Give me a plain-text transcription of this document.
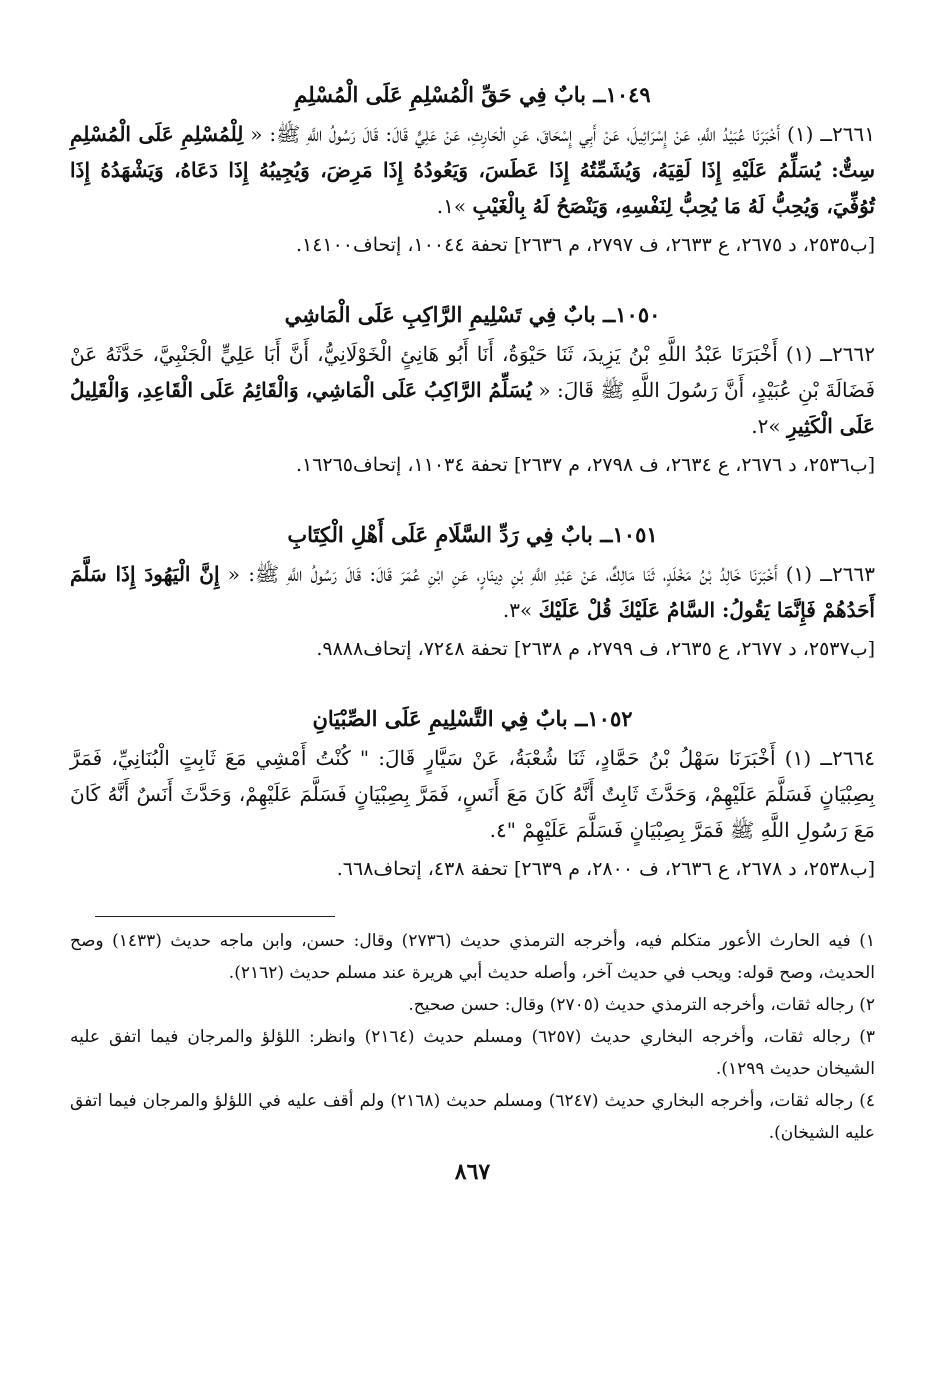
١٠٤٩ــ بابٌ فِي حَقِّ الْمُسْلِمِ عَلَى الْمُسْلِمِ

٢٦٦١ــ (١) أَخْبَرَنَا عُبَيْدُ اللَّهِ، عَنْ إِسْرَائِيلَ، عَنْ أَبِي إِسْحَاقَ، عَنِ الْحَارِثِ، عَنْ عَلِيٍّ قَالَ: قَالَ رَسُولُ اللَّهِ ﷺ: « لِلْمُسْلِمِ عَلَى الْمُسْلِمِ سِتٌّ: يُسَلِّمُ عَلَيْهِ إِذَا لَقِيَهُ، وَيُشَمِّتُهُ إِذَا عَطَسَ، وَيَعُودُهُ إِذَا مَرِضَ، وَيُجِيبُهُ إِذَا دَعَاهُ، وَيَشْهَدُهُ إِذَا تُوُفِّيَ، وَيُحِبُّ لَهُ مَا يُحِبُّ لِنَفْسِهِ، وَيَنْصَحُ لَهُ بِالْغَيْبِ »١.

[ب٢٥٣٥، د ٢٦٧٥، ع ٢٦٣٣، ف ٢٧٩٧، م ٢٦٣٦] تحفة ١٠٠٤٤، إتحاف١٤١٠٠.

١٠٥٠ــ بابٌ فِي تَسْلِيمِ الرَّاكِبِ عَلَى الْمَاشِي

٢٦٦٢ــ (١) أَخْبَرَنَا عَبْدُ اللَّهِ بْنُ يَزِيدَ، ثَنَا حَيْوَةُ، أَنَا أَبُو هَانِئٍ الْخَوْلَانِيُّ، أَنَّ أَبَا عَلِيٍّ الْجَنْبِيَّ، حَدَّثَهُ عَنْ فَضَالَةَ بْنِ عُبَيْدٍ، أَنَّ رَسُولَ اللَّهِ ﷺ قَالَ: « يُسَلِّمُ الرَّاكِبُ عَلَى الْمَاشِي، وَالْقَائِمُ عَلَى الْقَاعِدِ، وَالْقَلِيلُ عَلَى الْكَثِيرِ »٢.

[ب٢٥٣٦، د ٢٦٧٦، ع ٢٦٣٤، ف ٢٧٩٨، م ٢٦٣٧] تحفة ١١٠٣٤، إتحاف١٦٢٦٥.

١٠٥١ــ بابٌ فِي رَدِّ السَّلَامِ عَلَى أَهْلِ الْكِتَابِ

٢٦٦٣ــ (١) أَخْبَرَنَا خَالِدُ بْنُ مَخْلَدٍ، ثَنَا مَالِكٌ، عَنْ عَبْدِ اللَّهِ بْنِ دِينَارٍ، عَنِ ابْنِ عُمَرَ قَالَ: قَالَ رَسُولُ اللَّهِ ﷺ: « إِنَّ الْيَهُودَ إِذَا سَلَّمَ أَحَدُهُمْ فَإِنَّمَا يَقُولُ: السَّامُ عَلَيْكَ قُلْ عَلَيْكَ »٣.

[ب٢٥٣٧، د ٢٦٧٧، ع ٢٦٣٥، ف ٢٧٩٩، م ٢٦٣٨] تحفة ٧٢٤٨، إتحاف٩٨٨٨.

١٠٥٢ــ بابٌ فِي التَّسْلِيمِ عَلَى الصِّبْيَانِ

٢٦٦٤ــ (١) أَخْبَرَنَا سَهْلُ بْنُ حَمَّادٍ، ثَنَا شُعْبَةُ، عَنْ سَيَّارٍ قَالَ: " كُنْتُ أَمْشِي مَعَ ثَابِتٍ الْبُنَانِيِّ، فَمَرَّ بِصِبْيَانٍ فَسَلَّمَ عَلَيْهِمْ، وَحَدَّثَ ثَابِتٌ أَنَّهُ كَانَ مَعَ أَنَسٍ، فَمَرَّ بِصِبْيَانٍ فَسَلَّمَ عَلَيْهِمْ، وَحَدَّثَ أَنَسٌ أَنَّهُ كَانَ مَعَ رَسُولِ اللَّهِ ﷺ فَمَرَّ بِصِبْيَانٍ فَسَلَّمَ عَلَيْهِمْ "٤.

[ب٢٥٣٨، د ٢٦٧٨، ع ٢٦٣٦، ف ٢٨٠٠، م ٢٦٣٩] تحفة ٤٣٨، إتحاف٦٦٨.

١) فيه الحارث الأعور متكلم فيه، وأخرجه الترمذي حديث (٢٧٣٦) وقال: حسن، وابن ماجه حديث (١٤٣٣) وصح الحديث، وصح قوله: ويحب في حديث آخر، وأصله حديث أبي هريرة عند مسلم حديث (٢١٦٢).

٢) رجاله ثقات، وأخرجه الترمذي حديث (٢٧٠٥) وقال: حسن صحيح.

٣) رجاله ثقات، وأخرجه البخاري حديث (٦٢٥٧) ومسلم حديث (٢١٦٤) وانظر: اللؤلؤ والمرجان فيما اتفق عليه الشيخان حديث ١٢٩٩).

٤) رجاله ثقات، وأخرجه البخاري حديث (٦٢٤٧) ومسلم حديث (٢١٦٨) ولم أقف عليه في اللؤلؤ والمرجان فيما اتفق عليه الشيخان).

٨٦٧
